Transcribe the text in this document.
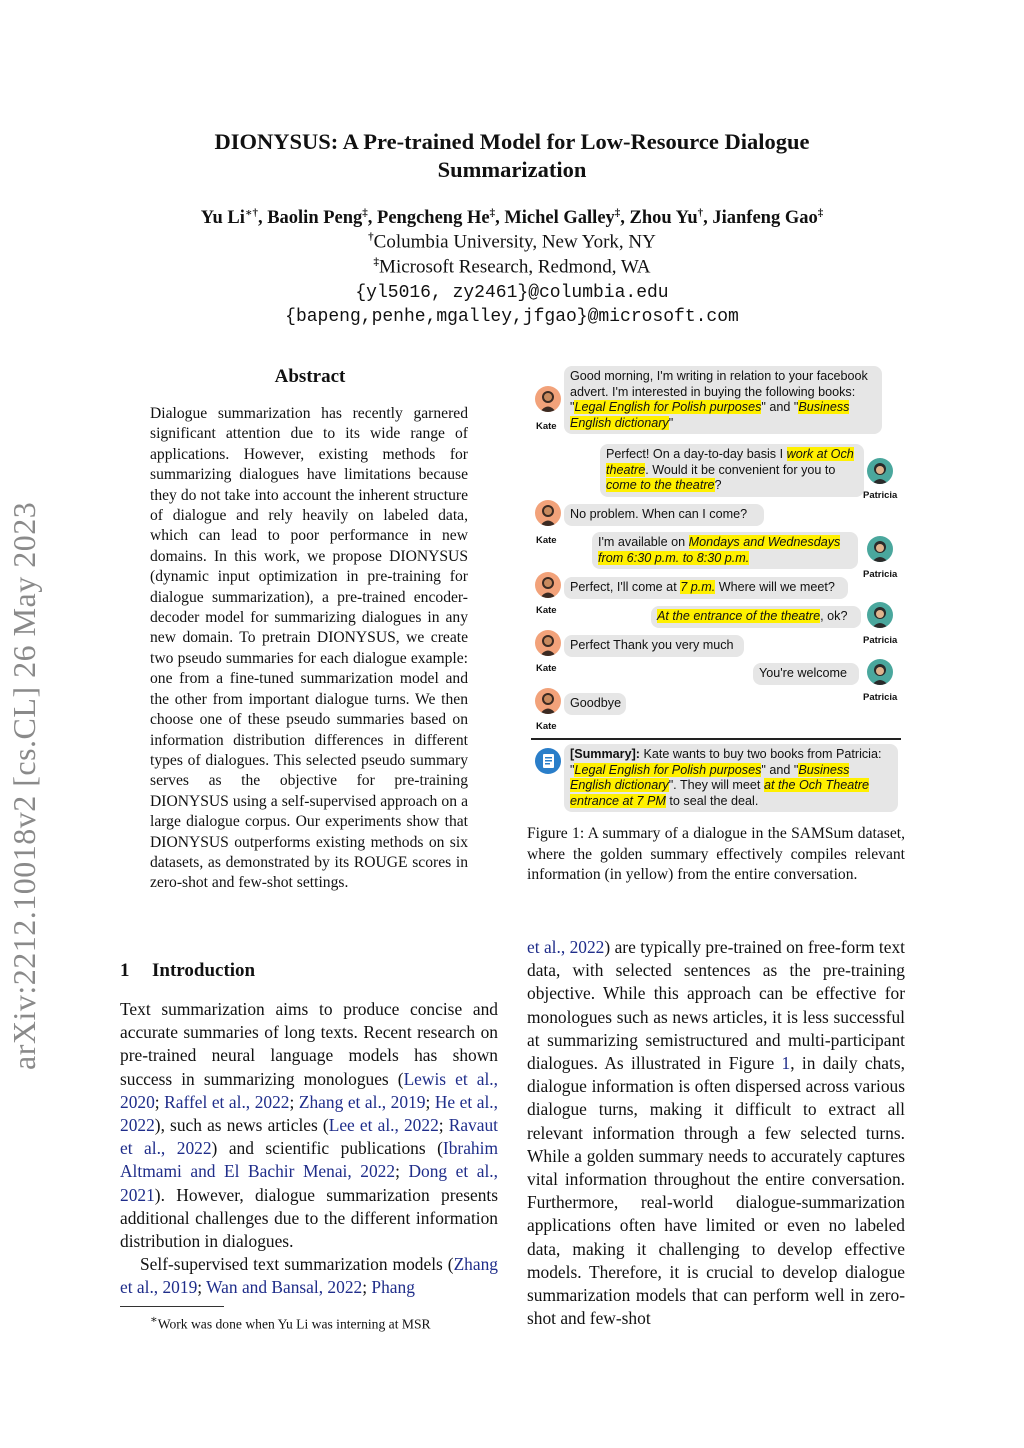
arXiv:2212.10018v2 [cs.CL] 26 May 2023
DIONYSUS: A Pre-trained Model for Low-Resource Dialogue
Summarization
Yu Li∗†, Baolin Peng‡, Pengcheng He‡, Michel Galley‡, Zhou Yu†, Jianfeng Gao‡
†Columbia University, New York, NY
‡Microsoft Research, Redmond, WA
{yl5016, zy2461}@columbia.edu
{bapeng,penhe,mgalley,jfgao}@microsoft.com
Abstract
Dialogue summarization has recently garnered significant attention due to its wide range of applications. However, existing methods for summarizing dialogues have limitations because they do not take into account the inherent structure of dialogue and rely heavily on labeled data, which can lead to poor performance in new domains. In this work, we propose DIONYSUS (dynamic input optimization in pre-training for dialogue summarization), a pre-trained encoder-decoder model for summarizing dialogues in any new domain. To pretrain DIONYSUS, we create two pseudo summaries for each dialogue example: one from a fine-tuned summarization model and the other from important dialogue turns. We then choose one of these pseudo summaries based on information distribution differences in different types of dialogues. This selected pseudo summary serves as the objective for pre-training DIONYSUS using a self-supervised approach on a large dialogue corpus. Our experiments show that DIONYSUS outperforms existing methods on six datasets, as demonstrated by its ROUGE scores in zero-shot and few-shot settings.
1 Introduction

Text summarization aims to produce concise and accurate summaries of long texts. Recent research on pre-trained neural language models has shown success in summarizing monologues (Lewis et al., 2020; Raffel et al., 2022; Zhang et al., 2019; He et al., 2022), such as news articles (Lee et al., 2022; Ravaut et al., 2022) and scientific publications (Ibrahim Altmami and El Bachir Menai, 2022; Dong et al., 2021). However, dialogue summarization presents additional challenges due to the different information distribution in dialogues.

Self-supervised text summarization models (Zhang et al., 2019; Wan and Bansal, 2022; Phang

∗Work was done when Yu Li was interning at MSR
Kate
Good morning, I'm writing in relation to your facebook advert. I'm interested in buying the following books: "Legal English for Polish purposes" and "Business English dictionary"
Perfect! On a day-to-day basis I work at Och theatre. Would it be convenient for you to come to the theatre?
Patricia
Kate
No problem. When can I come?
I'm available on Mondays and Wednesdays from 6:30 p.m. to 8:30 p.m.
Patricia
Kate
Perfect, I'll come at 7 p.m. Where will we meet?
At the entrance of the theatre, ok?
Patricia
Kate
Perfect Thank you very much
You're welcome
Patricia
Kate
Goodbye
[Summary]: Kate wants to buy two books from Patricia: "Legal English for Polish purposes" and "Business English dictionary". They will meet at the Och Theatre entrance at 7 PM to seal the deal.
Figure 1: A summary of a dialogue in the SAMSum dataset, where the golden summary effectively compiles relevant information (in yellow) from the entire conversation.
et al., 2022) are typically pre-trained on free-form text data, with selected sentences as the pre-training objective. While this approach can be effective for monologues such as news articles, it is less successful at summarizing semistructured and multi-participant dialogues. As illustrated in Figure 1, in daily chats, dialogue information is often dispersed across various dialogue turns, making it difficult to extract all relevant information through a few selected turns. While a golden summary needs to accurately captures vital information throughout the entire conversation. Furthermore, real-world dialogue-summarization applications often have limited or even no labeled data, making it challenging to develop effective models. Therefore, it is crucial to develop dialogue summarization models that can perform well in zero-shot and few-shot
